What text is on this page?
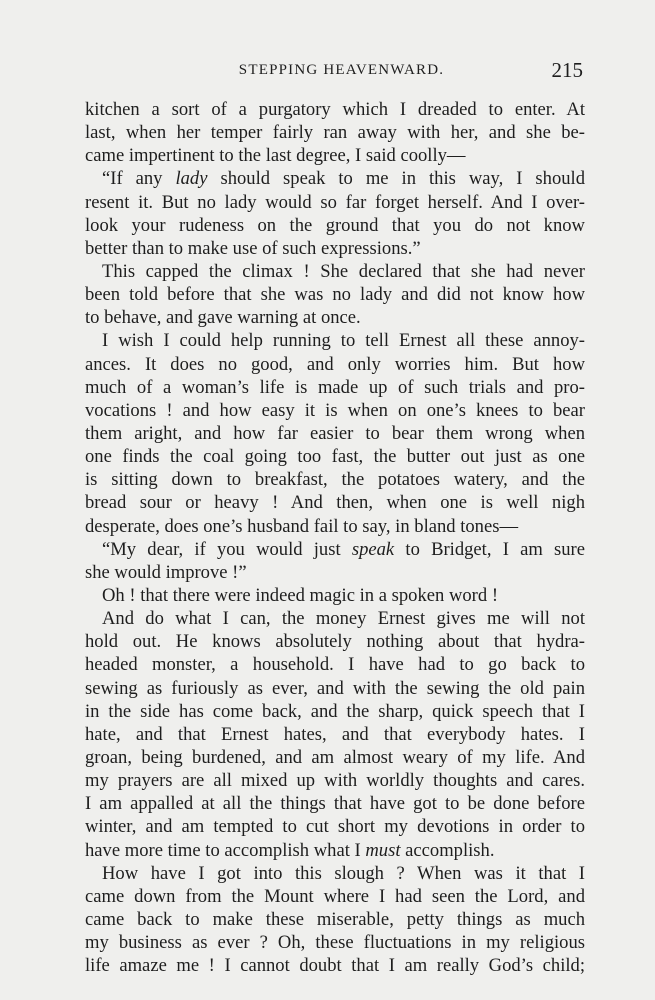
STEPPING HEAVENWARD.	215
kitchen a sort of a purgatory which I dreaded to enter. At
last, when her temper fairly ran away with her, and she be-
came impertinent to the last degree, I said coolly—
“If any lady should speak to me in this way, I should
resent it. But no lady would so far forget herself. And I over-
look your rudeness on the ground that you do not know
better than to make use of such expressions.”
This capped the climax ! She declared that she had never
been told before that she was no lady and did not know how
to behave, and gave warning at once.
I wish I could help running to tell Ernest all these annoy-
ances. It does no good, and only worries him. But how
much of a woman’s life is made up of such trials and pro-
vocations ! and how easy it is when on one’s knees to bear
them aright, and how far easier to bear them wrong when
one finds the coal going too fast, the butter out just as one
is sitting down to breakfast, the potatoes watery, and the
bread sour or heavy ! And then, when one is well nigh
desperate, does one’s husband fail to say, in bland tones—
“My dear, if you would just speak to Bridget, I am sure
she would improve !”
Oh ! that there were indeed magic in a spoken word !
And do what I can, the money Ernest gives me will not
hold out. He knows absolutely nothing about that hydra-
headed monster, a household. I have had to go back to
sewing as furiously as ever, and with the sewing the old pain
in the side has come back, and the sharp, quick speech that I
hate, and that Ernest hates, and that everybody hates. I
groan, being burdened, and am almost weary of my life. And
my prayers are all mixed up with worldly thoughts and cares.
I am appalled at all the things that have got to be done before
winter, and am tempted to cut short my devotions in order to
have more time to accomplish what I must accomplish.
How have I got into this slough ? When was it that I
came down from the Mount where I had seen the Lord, and
came back to make these miserable, petty things as much
my business as ever ? Oh, these fluctuations in my religious
life amaze me ! I cannot doubt that I am really God’s child;
